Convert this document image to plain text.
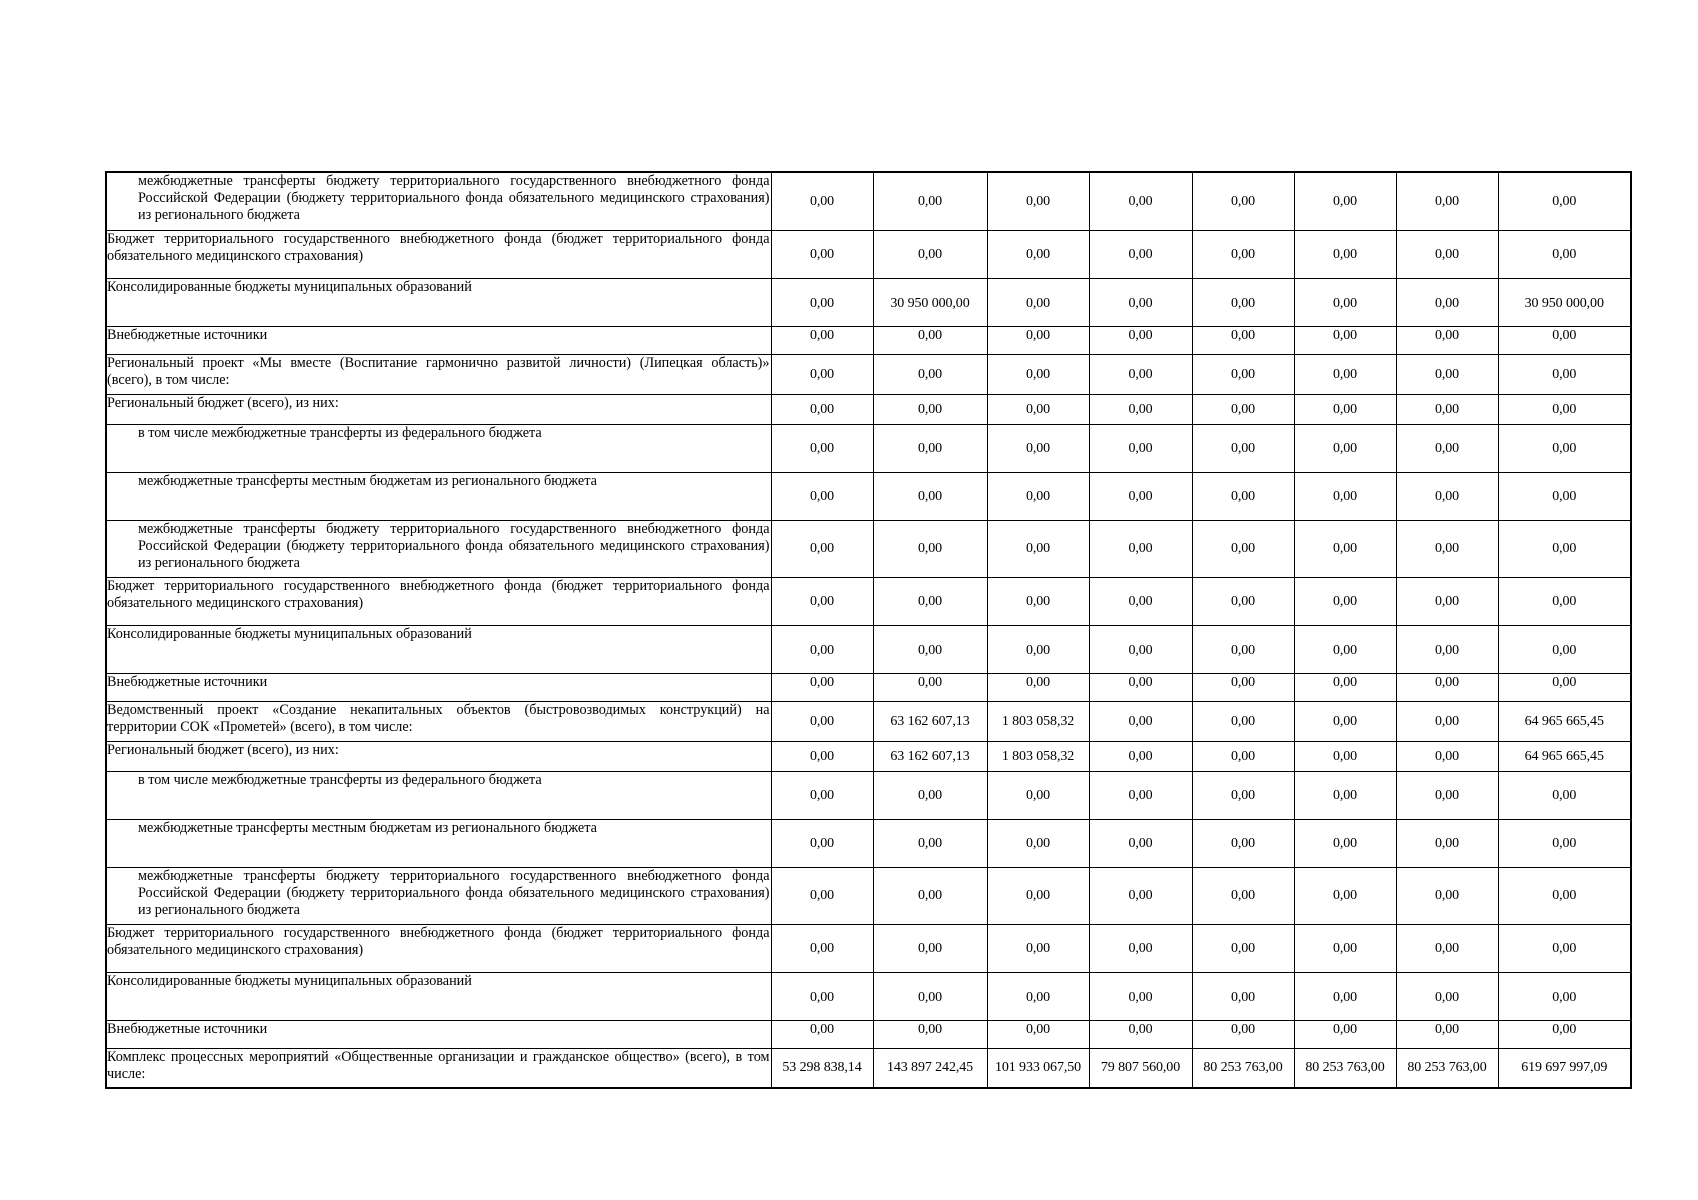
межбюджетные трансферты бюджету территориального государственного внебюджетного фонда Российской Федерации (бюджету территориального фонда обязательного медицинского страхования) из регионального бюджета	0,00	0,00	0,00	0,00	0,00	0,00	0,00	0,00
Бюджет территориального государственного внебюджетного фонда (бюджет территориального фонда обязательного медицинского страхования)	0,00	0,00	0,00	0,00	0,00	0,00	0,00	0,00
Консолидированные бюджеты муниципальных образований	0,00	30 950 000,00	0,00	0,00	0,00	0,00	0,00	30 950 000,00
Внебюджетные источники	0,00	0,00	0,00	0,00	0,00	0,00	0,00	0,00
Региональный проект «Мы вместе (Воспитание гармонично развитой личности) (Липецкая область)» (всего), в том числе:	0,00	0,00	0,00	0,00	0,00	0,00	0,00	0,00
Региональный бюджет (всего), из них:	0,00	0,00	0,00	0,00	0,00	0,00	0,00	0,00
в том числе межбюджетные трансферты из федерального бюджета	0,00	0,00	0,00	0,00	0,00	0,00	0,00	0,00
межбюджетные трансферты местным бюджетам из регионального бюджета	0,00	0,00	0,00	0,00	0,00	0,00	0,00	0,00
межбюджетные трансферты бюджету территориального государственного внебюджетного фонда Российской Федерации (бюджету территориального фонда обязательного медицинского страхования) из регионального бюджета	0,00	0,00	0,00	0,00	0,00	0,00	0,00	0,00
Бюджет территориального государственного внебюджетного фонда (бюджет территориального фонда обязательного медицинского страхования)	0,00	0,00	0,00	0,00	0,00	0,00	0,00	0,00
Консолидированные бюджеты муниципальных образований	0,00	0,00	0,00	0,00	0,00	0,00	0,00	0,00
Внебюджетные источники	0,00	0,00	0,00	0,00	0,00	0,00	0,00	0,00
Ведомственный проект «Создание некапитальных объектов (быстровозводимых конструкций) на территории СОК «Прометей» (всего), в том числе:	0,00	63 162 607,13	1 803 058,32	0,00	0,00	0,00	0,00	64 965 665,45
Региональный бюджет (всего), из них:	0,00	63 162 607,13	1 803 058,32	0,00	0,00	0,00	0,00	64 965 665,45
в том числе межбюджетные трансферты из федерального бюджета	0,00	0,00	0,00	0,00	0,00	0,00	0,00	0,00
межбюджетные трансферты местным бюджетам из регионального бюджета	0,00	0,00	0,00	0,00	0,00	0,00	0,00	0,00
межбюджетные трансферты бюджету территориального государственного внебюджетного фонда Российской Федерации (бюджету территориального фонда обязательного медицинского страхования) из регионального бюджета	0,00	0,00	0,00	0,00	0,00	0,00	0,00	0,00
Бюджет территориального государственного внебюджетного фонда (бюджет территориального фонда обязательного медицинского страхования)	0,00	0,00	0,00	0,00	0,00	0,00	0,00	0,00
Консолидированные бюджеты муниципальных образований	0,00	0,00	0,00	0,00	0,00	0,00	0,00	0,00
Внебюджетные источники	0,00	0,00	0,00	0,00	0,00	0,00	0,00	0,00
Комплекс процессных мероприятий «Общественные организации и гражданское общество» (всего), в том числе:	53 298 838,14	143 897 242,45	101 933 067,50	79 807 560,00	80 253 763,00	80 253 763,00	80 253 763,00	619 697 997,09
